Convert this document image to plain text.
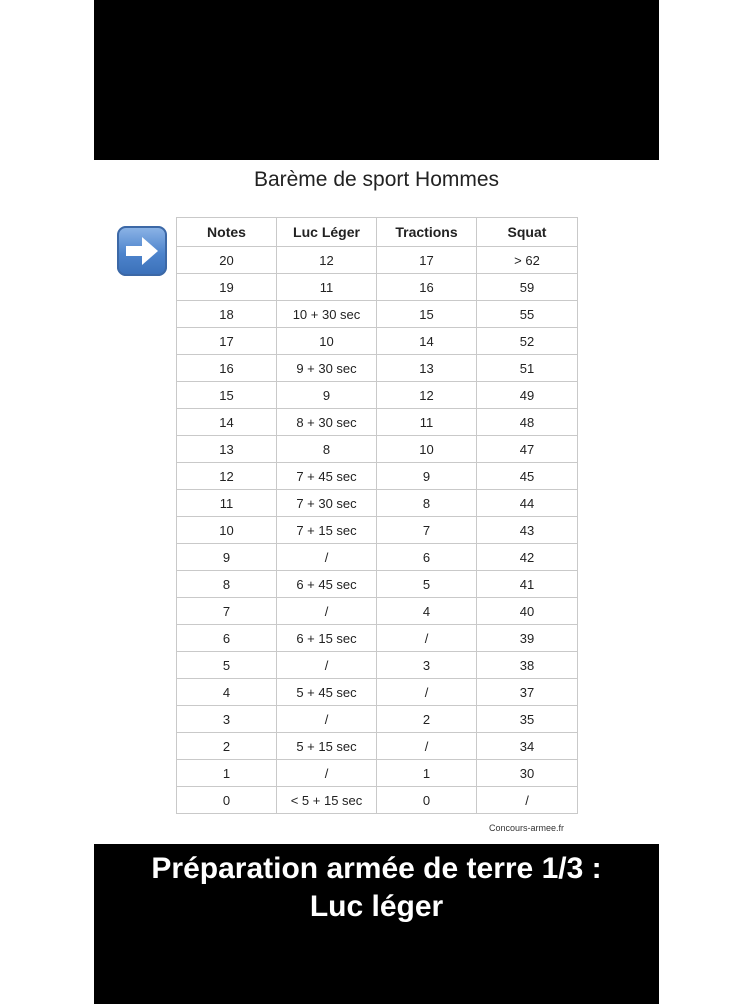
Barème de sport Hommes
Notes	Luc Léger	Tractions	Squat
20	12	17	> 62
19	11	16	59
18	10 + 30 sec	15	55
17	10	14	52
16	9 + 30 sec	13	51
15	9	12	49
14	8 + 30 sec	11	48
13	8	10	47
12	7 + 45 sec	9	45
11	7 + 30 sec	8	44
10	7 + 15 sec	7	43
9	/	6	42
8	6 + 45 sec	5	41
7	/	4	40
6	6 + 15 sec	/	39
5	/	3	38
4	5 + 45 sec	/	37
3	/	2	35
2	5 + 15 sec	/	34
1	/	1	30
0	< 5 + 15 sec	0	/
Concours-armee.fr
Préparation armée de terre 1/3 :
Luc léger
